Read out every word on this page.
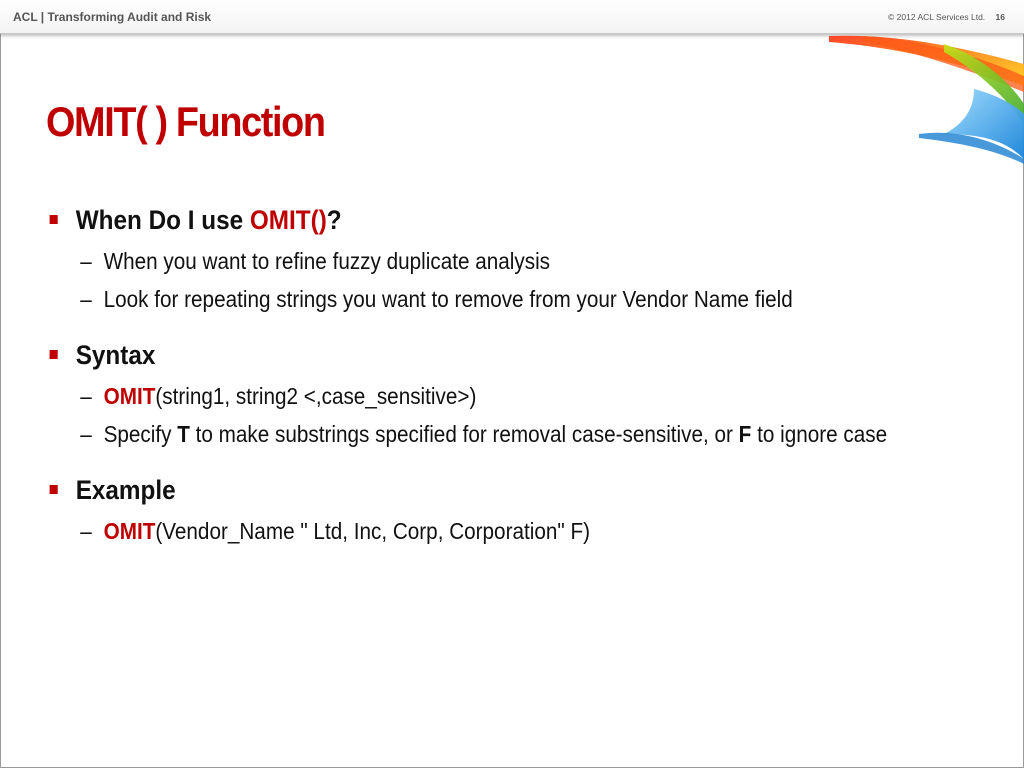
ACL | Transforming Audit and Risk	© 2012 ACL Services Ltd. 16
OMIT( ) Function
When Do I use OMIT()?
– When you want to refine fuzzy duplicate analysis
– Look for repeating strings you want to remove from your Vendor Name field
Syntax
– OMIT(string1, string2 <,case_sensitive>)
– Specify T to make substrings specified for removal case-sensitive, or F to ignore case
Example
– OMIT(Vendor_Name " Ltd, Inc, Corp, Corporation" F)
